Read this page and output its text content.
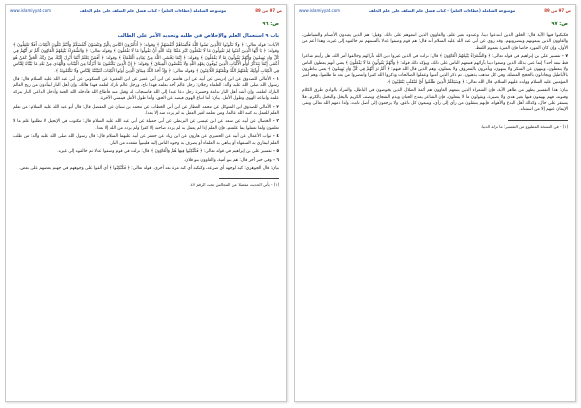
ص 97 من 89
موسوعة الشاملة (عطاءات العلم) - كتاب فضل علم السلف على علم الخلف
www.islamiyyat.com
ص: ٩٦
باب ٩ استعمال العلم والإخلاص في طلبه وتحديد الأمر على الطالب
الآيات: قوله تعالى: ﴿ وَلَا تَكُونُوا كَالَّذِينَ نَسُوا اللَّهَ فَأَنْسَاهُمْ أَنْفُسَهُمْ ﴾ وقوله: ﴿ أَتَأْمُرُونَ النَّاسَ بِالْبِرِّ وَتَنْسَوْنَ أَنْفُسَكُمْ وَأَنْتُمْ تَتْلُونَ الْكِتَابَ أَفَلَا تَعْقِلُونَ ﴾ وقوله: ﴿ يَا أَيُّهَا الَّذِينَ آمَنُوا لِمَ تَقُولُونَ مَا لَا تَفْعَلُونَ كَبُرَ مَقْتًا عِنْدَ اللَّهِ أَنْ تَقُولُوا مَا لَا تَفْعَلُونَ ﴾ وقوله تعالى: ﴿ وَالشُّعَرَاءُ يَتَّبِعُهُمُ الْغَاوُونَ أَلَمْ تَرَ أَنَّهُمْ فِي كُلِّ وَادٍ يَهِيمُونَ وَأَنَّهُمْ يَقُولُونَ مَا لَا يَفْعَلُونَ ﴾ وقوله: ﴿ إِنَّمَا يَخْشَى اللَّهَ مِنْ عِبَادِهِ الْعُلَمَاءُ ﴾ وقوله: ﴿ أَفَمَنْ يَعْلَمُ أَنَّمَا أُنْزِلَ إِلَيْكَ مِنْ رَبِّكَ الْحَقُّ كَمَنْ هُوَ أَعْمَى إِنَّمَا يَتَذَكَّرُ أُولُو الْأَلْبَابِ الَّذِينَ يُوفُونَ بِعَهْدِ اللَّهِ وَلَا يَنْقُضُونَ الْمِيثَاقَ ﴾ وقوله: ﴿ إِنَّ الَّذِينَ يَكْتُمُونَ مَا أَنْزَلْنَا مِنَ الْبَيِّنَاتِ وَالْهُدَى مِنْ بَعْدِ مَا بَيَّنَّاهُ لِلنَّاسِ فِي الْكِتَابِ أُولَئِكَ يَلْعَنُهُمُ اللَّهُ وَيَلْعَنُهُمُ اللَّاعِنُونَ ﴾ وقوله تعالى: ﴿ وَإِذْ أَخَذَ اللَّهُ مِيثَاقَ الَّذِينَ أُوتُوا الْكِتَابَ لَتُبَيِّنُنَّهُ لِلنَّاسِ وَلَا تَكْتُمُونَهُ ﴾.
١ - الأمالي للصدوق عن ابن إدريس عن أبيه عن ابن هاشم عن ابن أبي عمير عن ابن المغيرة عن السكوني عن أبي عبد الله عليه السلام قال: قال رسول الله صلى الله عليه وآله: العلماء رجلان: رجل عالم آخذ بعلمه فهذا ناج، ورجل عالم تارك لعلمه فهذا هالك، وإن أهل النار ليتأذون من ريح العالم التارك لعلمه، وإن أشد أهل النار ندامة وحسرة رجل دعا عبدا إلى الله فاستجاب له وقبل منه فأطاع الله فأدخله الله الجنة وأدخل الداعي النار بتركه علمه واتباعه الهوى وطول الأمل. بيان: أما اتباع الهوى فيصد عن الحق، وأما طول الأمل فينسي الآخرة.
٢ - الأمالي للصدوق ابن المتوكل عن محمد العطار عن ابن أبي الخطاب عن محمد بن سنان عن المفضل قال: قال أبو عبد الله عليه السلام: من تعلم العلم للعمل به كتبه الله عالما، ومن تعلمه لغير العمل به لم يزدد منه إلا بعدا.
٣ - الخصال عن أبيه عن سعد عن ابن عيسى عن البزنطي عن أبي جميلة عن أبي عبد الله عليه السلام قال: مكتوب في الإنجيل لا تطلبوا علم ما لا تعلمون ولما تعملوا بما علمتم، فإن العلم إذا لم يعمل به لم يزدد صاحبه إلا كفرا ولم يزدد من الله إلا بعدا.
٤ - ثواب الأعمال عن أبيه عن الحميري عن هارون عن ابن زياد عن جعفر عن أبيه عليهما السلام قال: قال رسول الله صلى الله عليه وآله: من طلب العلم ليماري به السفهاء أو يباهي به العلماء أو يصرف به وجوه الناس إليه فليتبوأ مقعده من النار.
٥ - تفسير علي بن إبراهيم في قوله تعالى: ﴿ فَكُبْكِبُوا فِيهَا هُمْ وَالْغَاوُونَ ﴾ قال: نزلت في قوم وصفوا عدلا ثم خالفوه إلى غيره.
٦ - وفي خبر آخر قال: هم بنو أمية، والغاوون بنو فلان.
بيان: قال الجوهري: كبه لوجهه أي صرعه، وكبكبه أي كبه مرة بعد أخرى. قوله تعالى: ﴿ فَكُبْكِبُوا ﴾ أي ألقوا على وجوههم في جهنم بعضهم على بعض.
(١) - يأتي الحديث مفصلا عن المجالس تحت الرقم ٤٧.
ص 97 من 89
موسوعة الشاملة (عطاءات العلم) - كتاب فضل علم السلف على علم الخلف
www.islamiyyat.com
ص: ٩٧
فكبكبوا فيها الآية قال: الخلق الذين ابتدعوا دينا، وعبدوه بغير علم، والغاوون الذين اتبعوهم على ذلك. وقيل: هم الذين يعبدون الأصنام والشياطين، والغاوون الذين يتبعونهم وينصرونهم. وقد روي عن أبي عبد الله عليه السلام أنه قال: هم قوم وصفوا عدلا بألسنتهم ثم خالفوه إلى غيره، وهذا أعم من الأول، وإن كان المورد خاصا فإن العبرة بعموم اللفظ.
٧ - تفسير علي بن إبراهيم في قوله تعالى: ﴿ وَالشُّعَرَاءُ يَتَّبِعُهُمُ الْغَاوُونَ ﴾ قال: نزلت في الذين غيروا دين الله بآرائهم وخالفوا أمر الله، هل رأيتم شاعرا قط تبعه أحد؟ إنما عنى بذلك الذين وضعوا دينا بآرائهم فتبعهم الناس على ذلك، ويؤكد ذلك قوله: ﴿ وَأَنَّهُمْ يَقُولُونَ مَا لَا يَفْعَلُونَ ﴾ يعني أنهم يعظون الناس ولا يتعظون، وينهون عن المنكر ولا ينتهون، ويأمرون بالمعروف ولا يعملون، وهم الذين قال الله فيهم: ﴿ أَلَمْ تَرَ أَنَّهُمْ فِي كُلِّ وَادٍ يَهِيمُونَ ﴾ يعني يناظرون بالأباطيل ويجادلون بالحجج المضلة، وفي كل مذهب يذهبون. ثم ذكر الذين آمنوا وعملوا الصالحات وذكروا الله كثيرا وانتصروا من بعد ما ظلموا، وهم أمير المؤمنين عليه السلام وولده عليهم السلام، قال الله تعالى: ﴿ وَسَيَعْلَمُ الَّذِينَ ظَلَمُوا أَيَّ مُنْقَلَبٍ يَنْقَلِبُونَ ﴾.
بيان: هذا التفسير يظهر من ظاهر الآية، فإن الشعراء الذين يتبعهم الغاوون هم أئمة الضلال الذين يخوضون في الباطل، والمراد بالوادي طرق الكلام وفنونه، فهم يهيمون فيها بغير هدى ولا بصيرة، ويقولون ما لا يفعلون، فإن الشاعر يمدح الجبان ويذم الشجاع، ويصف الكريم بالبخل والبخيل بالكرم، فلا يستقر على حال، وكذلك أهل البدع والأهواء، فإنهم ينتقلون من رأي إلى رأي، ويتبعون كل ناعق، ولا يرجعون إلى أصل ثابت، ولذا ذمهم الله تعالى ونفى الإيمان عنهم إلا من استثناه.
(١) - في النسخة المطبوع من التفسير: ما نزلة الدنيا.
